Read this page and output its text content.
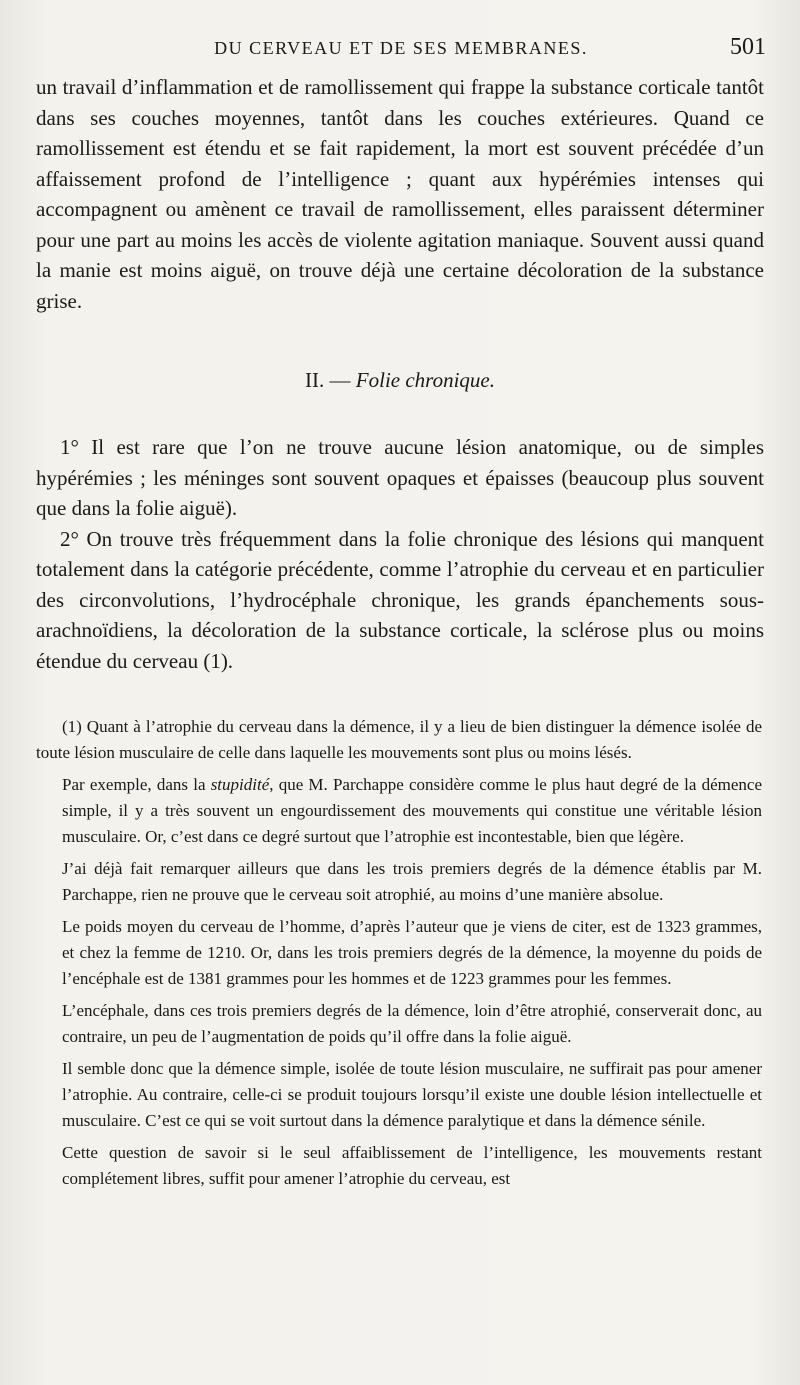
DU CERVEAU ET DE SES MEMBRANES.	501

un travail d’inflammation et de ramollissement qui frappe la substance corticale tantôt dans ses couches moyennes, tantôt dans les couches extérieures. Quand ce ramollissement est étendu et se fait rapidement, la mort est souvent précédée d’un affaissement profond de l’intelligence ; quant aux hypérémies intenses qui accompagnent ou amènent ce travail de ramollissement, elles paraissent déterminer pour une part au moins les accès de violente agitation maniaque. Souvent aussi quand la manie est moins aiguë, on trouve déjà une certaine décoloration de la substance grise.

II. — Folie chronique.

1° Il est rare que l’on ne trouve aucune lésion anatomique, ou de simples hypérémies ; les méninges sont souvent opaques et épaisses (beaucoup plus souvent que dans la folie aiguë).

2° On trouve très fréquemment dans la folie chronique des lésions qui manquent totalement dans la catégorie précédente, comme l’atrophie du cerveau et en particulier des circonvolutions, l’hydrocéphale chronique, les grands épanchements sous-arachnoïdiens, la décoloration de la substance corticale, la sclérose plus ou moins étendue du cerveau (1).

(1) Quant à l’atrophie du cerveau dans la démence, il y a lieu de bien distinguer la démence isolée de toute lésion musculaire de celle dans laquelle les mouvements sont plus ou moins lésés.

Par exemple, dans la stupidité, que M. Parchappe considère comme le plus haut degré de la démence simple, il y a très souvent un engourdissement des mouvements qui constitue une véritable lésion musculaire. Or, c’est dans ce degré surtout que l’atrophie est incontestable, bien que légère.

J’ai déjà fait remarquer ailleurs que dans les trois premiers degrés de la démence établis par M. Parchappe, rien ne prouve que le cerveau soit atrophié, au moins d’une manière absolue.

Le poids moyen du cerveau de l’homme, d’après l’auteur que je viens de citer, est de 1323 grammes, et chez la femme de 1210. Or, dans les trois premiers degrés de la démence, la moyenne du poids de l’encéphale est de 1381 grammes pour les hommes et de 1223 grammes pour les femmes.

L’encéphale, dans ces trois premiers degrés de la démence, loin d’être atrophié, conserverait donc, au contraire, un peu de l’augmentation de poids qu’il offre dans la folie aiguë.

Il semble donc que la démence simple, isolée de toute lésion musculaire, ne suffirait pas pour amener l’atrophie. Au contraire, celle-ci se produit toujours lorsqu’il existe une double lésion intellectuelle et musculaire. C’est ce qui se voit surtout dans la démence paralytique et dans la démence sénile.

Cette question de savoir si le seul affaiblissement de l’intelligence, les mouvements restant complétement libres, suffit pour amener l’atrophie du cerveau, est
